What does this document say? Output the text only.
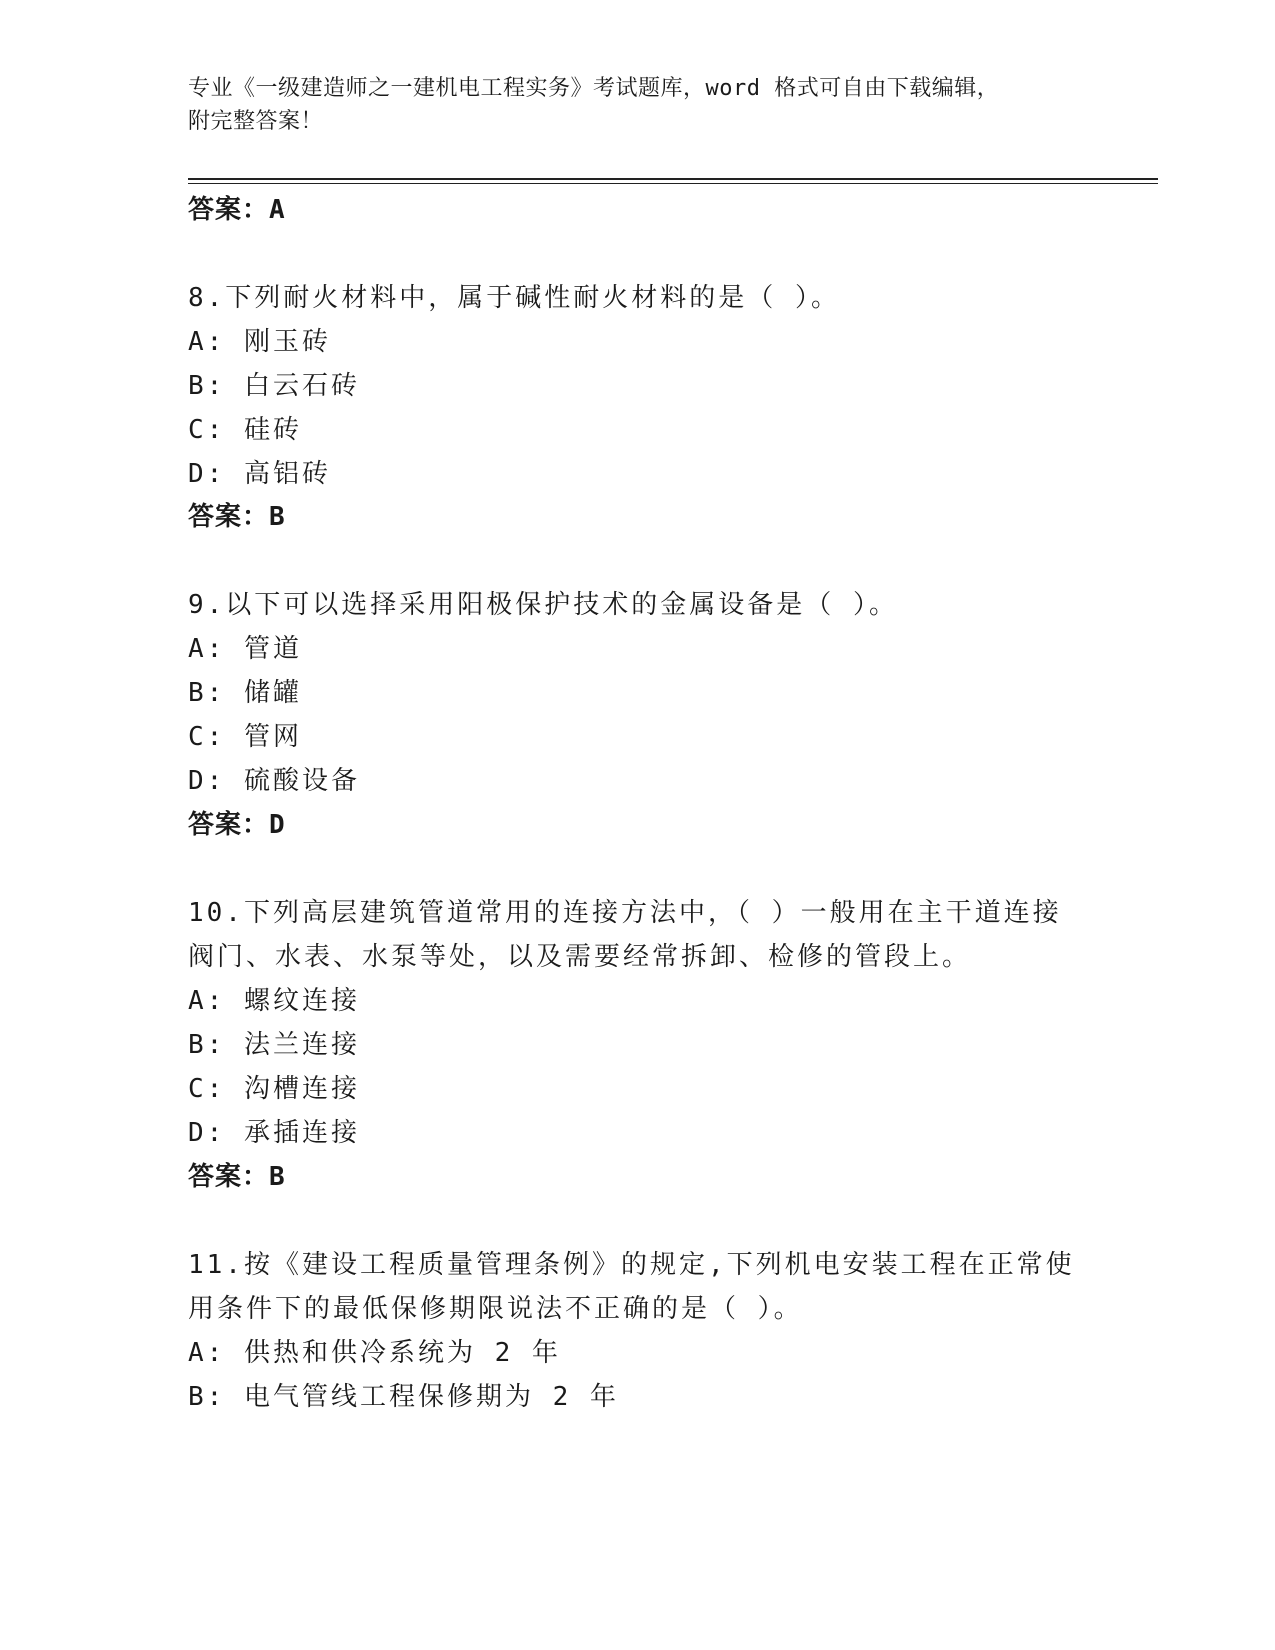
专业《一级建造师之一建机电工程实务》考试题库，word 格式可自由下载编辑，
附完整答案！
答案：A
8.下列耐火材料中，属于碱性耐火材料的是（ ）。
A: 刚玉砖
B: 白云石砖
C: 硅砖
D: 高铝砖
答案：B
9.以下可以选择采用阳极保护技术的金属设备是（ ）。
A: 管道
B: 储罐
C: 管网
D: 硫酸设备
答案：D
10.下列高层建筑管道常用的连接方法中，（ ）一般用在主干道连接
阀门、水表、水泵等处，以及需要经常拆卸、检修的管段上。
A: 螺纹连接
B: 法兰连接
C: 沟槽连接
D: 承插连接
答案：B
11.按《建设工程质量管理条例》的规定,下列机电安装工程在正常使
用条件下的最低保修期限说法不正确的是（ ）。
A: 供热和供冷系统为 2 年
B: 电气管线工程保修期为 2 年
